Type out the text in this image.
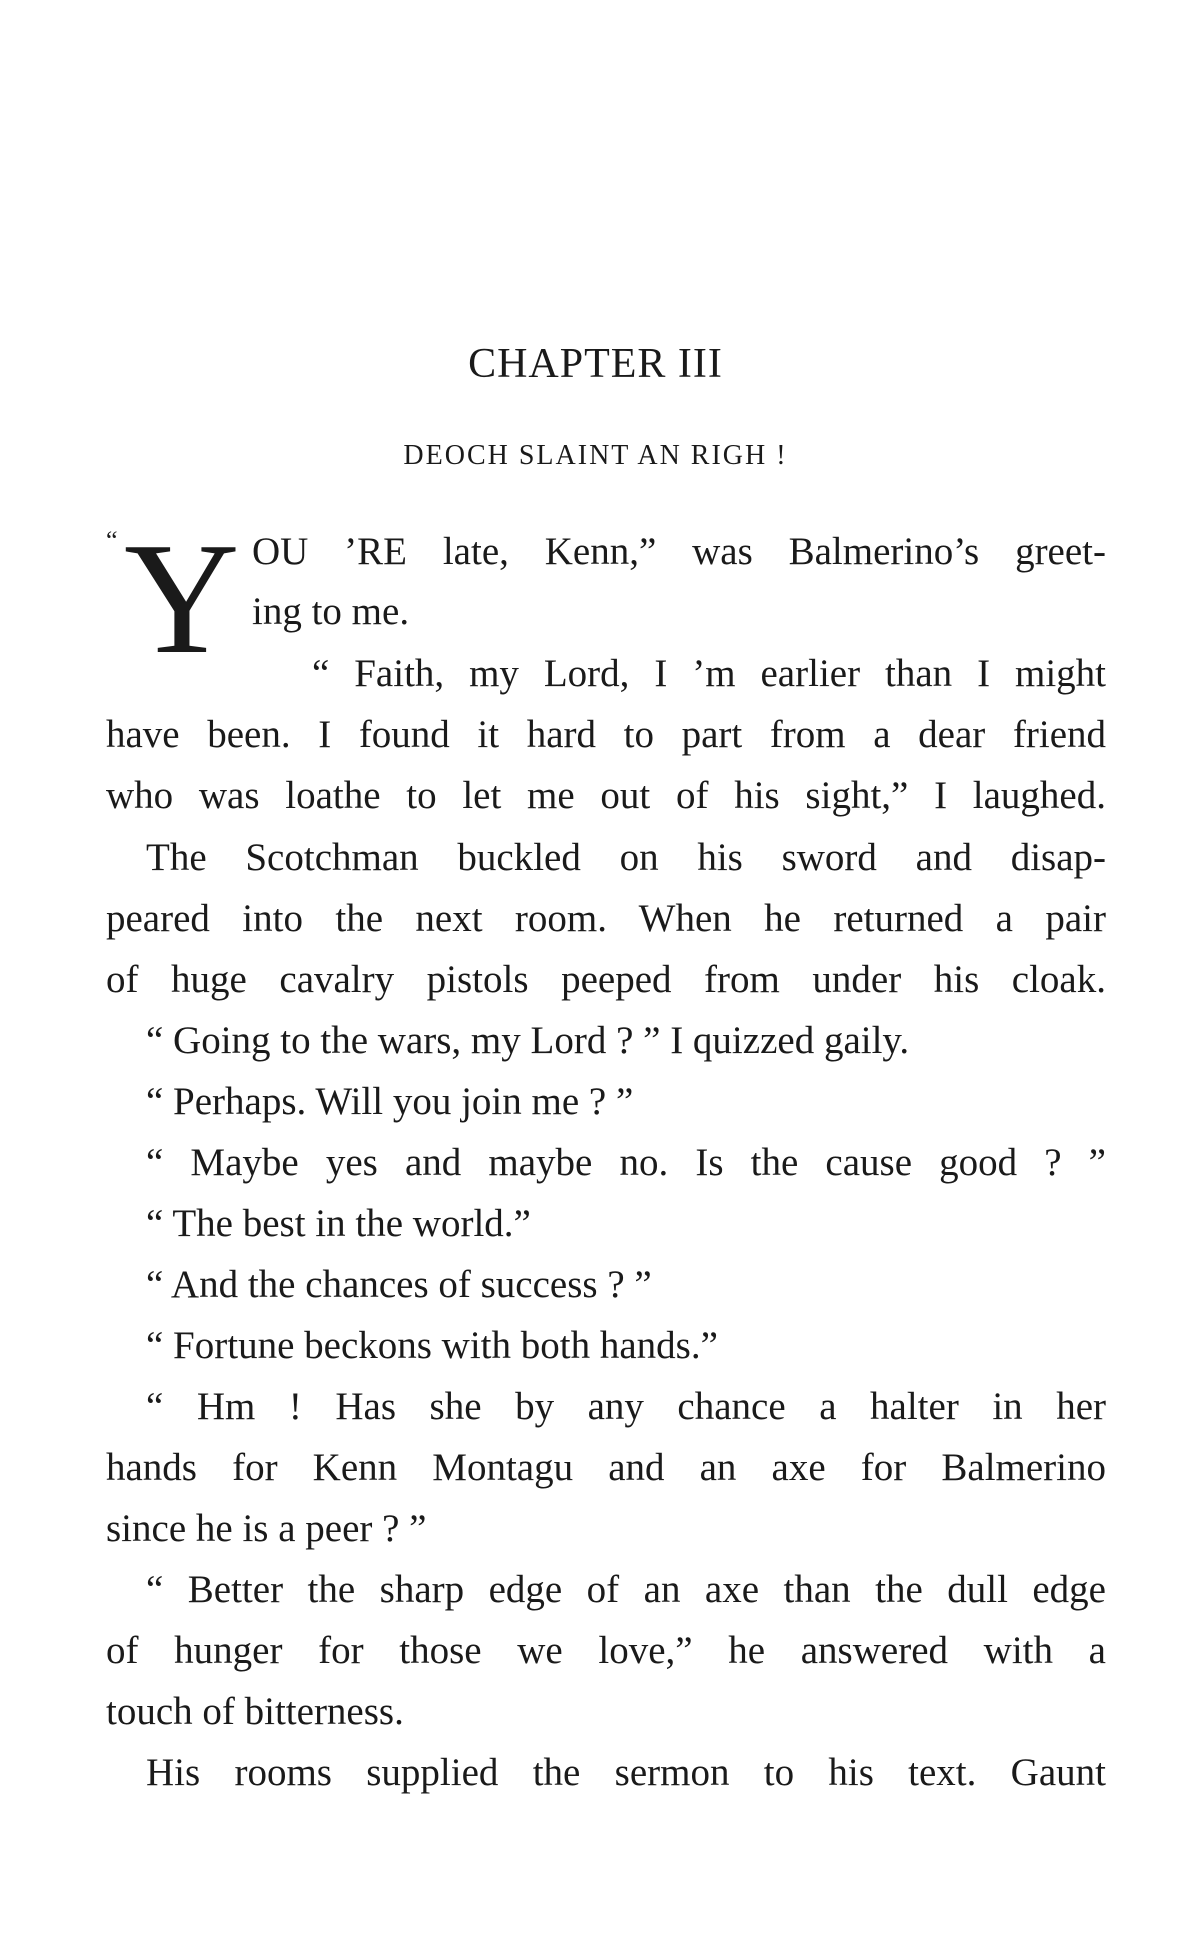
CHAPTER III
DEOCH SLAINT AN RIGH !
“ Y OU ’RE late, Kenn,” was Balmerino’s greet-
ing to me.
“ Faith, my Lord, I ’m earlier than I might
have been. I found it hard to part from a dear friend
who was loathe to let me out of his sight,” I laughed.
The Scotchman buckled on his sword and disap-
peared into the next room. When he returned a pair
of huge cavalry pistols peeped from under his cloak.
“ Going to the wars, my Lord ? ” I quizzed gaily.
“ Perhaps. Will you join me ? ”
“ Maybe yes and maybe no. Is the cause good ? ”
“ The best in the world.”
“ And the chances of success ? ”
“ Fortune beckons with both hands.”
“ Hm ! Has she by any chance a halter in her
hands for Kenn Montagu and an axe for Balmerino
since he is a peer ? ”
“ Better the sharp edge of an axe than the dull edge
of hunger for those we love,” he answered with a
touch of bitterness.
His rooms supplied the sermon to his text. Gaunt
